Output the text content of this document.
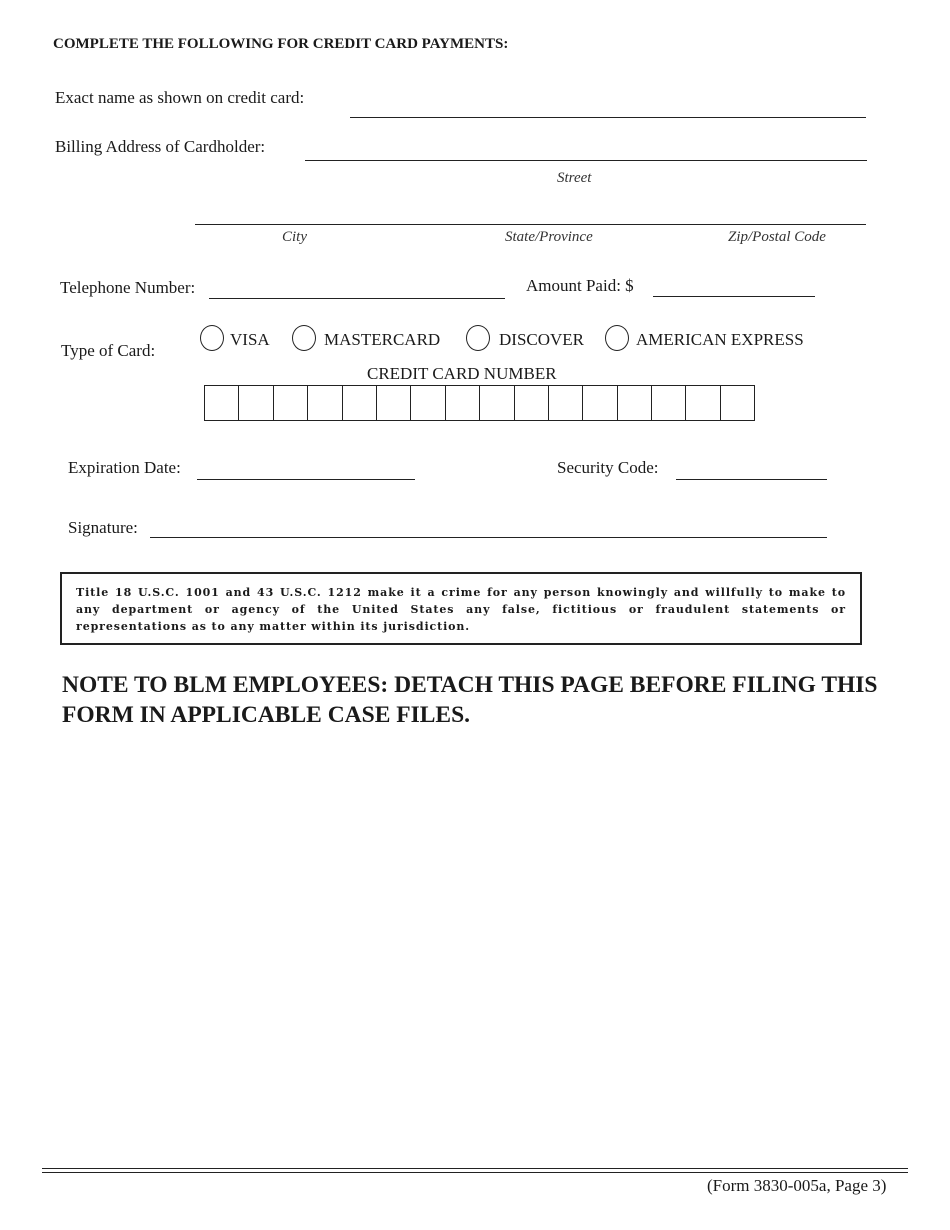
COMPLETE THE FOLLOWING FOR CREDIT CARD PAYMENTS:
Exact name as shown on credit card:
Billing Address of Cardholder:
Street
City	State/Province	Zip/Postal Code
Telephone Number:	Amount Paid: $
Type of Card:
VISA	MASTERCARD	DISCOVER	AMERICAN EXPRESS
CREDIT CARD NUMBER
Expiration Date:	Security Code:
Signature:
Title 18 U.S.C. 1001 and 43 U.S.C. 1212 make it a crime for any person knowingly and willfully to make to any department or agency of the United States any false, fictitious or fraudulent statements or representations as to any matter within its jurisdiction.
NOTE TO BLM EMPLOYEES: DETACH THIS PAGE BEFORE FILING THIS FORM IN APPLICABLE CASE FILES.
(Form 3830-005a, Page 3)
